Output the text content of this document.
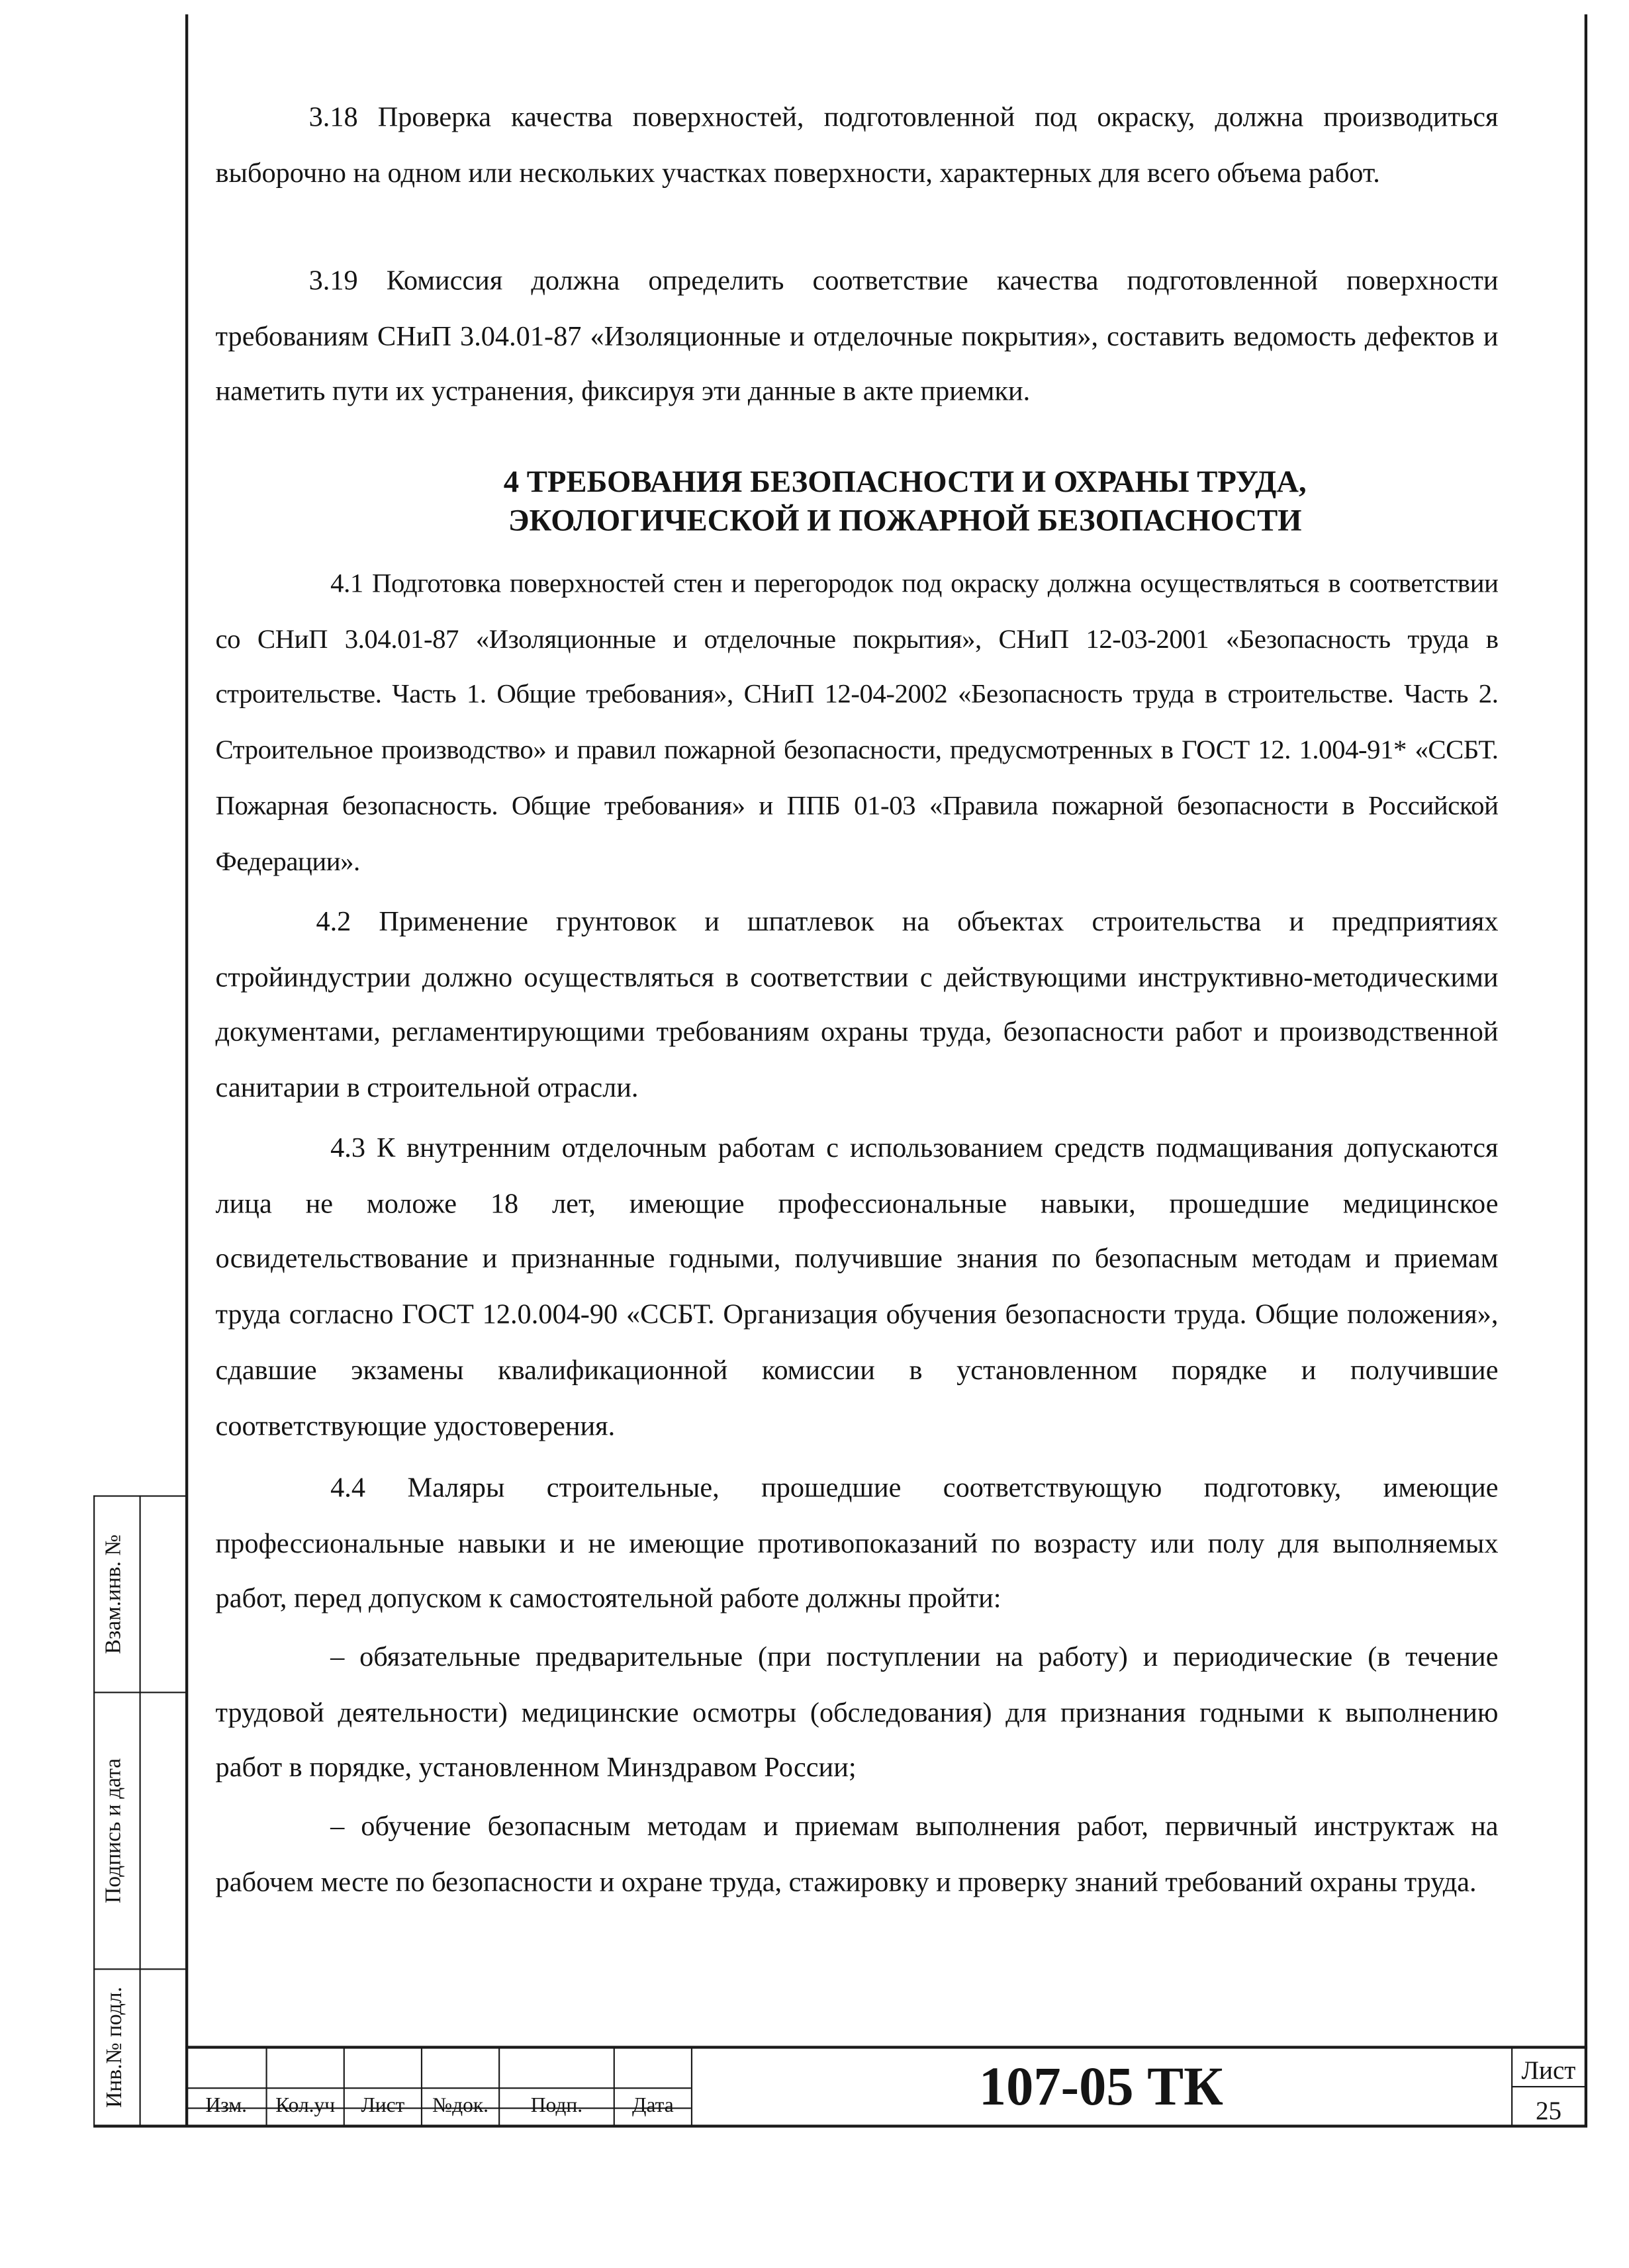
Взам.инв. №
Подпись и дата
Инв.№ подл.

3.18 Проверка качества поверхностей, подготовленной под окраску, должна производиться выборочно на одном или нескольких участках поверхности, характерных для всего объема работ.

3.19 Комиссия должна определить соответствие качества подготовленной поверхности требованиям СНиП 3.04.01-87 «Изоляционные и отделочные покрытия», составить ведомость дефектов и наметить пути их устранения, фиксируя эти данные в акте приемки.

4 ТРЕБОВАНИЯ БЕЗОПАСНОСТИ И ОХРАНЫ ТРУДА,
ЭКОЛОГИЧЕСКОЙ И ПОЖАРНОЙ БЕЗОПАСНОСТИ

4.1 Подготовка поверхностей стен и перегородок под окраску должна осуществляться в соответствии со СНиП 3.04.01-87 «Изоляционные и отделочные покрытия», СНиП 12-03-2001 «Безопасность труда в строительстве. Часть 1. Общие требования», СНиП 12-04-2002 «Безопасность труда в строительстве. Часть 2. Строительное производство» и правил пожарной безопасности, предусмотренных в ГОСТ 12. 1.004-91* «ССБТ. Пожарная безопасность. Общие требования» и ППБ 01-03 «Правила пожарной безопасности в Российской Федерации».

4.2 Применение грунтовок и шпатлевок на объектах строительства и предприятиях стройиндустрии должно осуществляться в соответствии с действующими инструктивно-методическими документами, регламентирующими требованиям охраны труда, безопасности работ и производственной санитарии в строительной отрасли.

4.3 К внутренним отделочным работам с использованием средств подмащивания допускаются лица не моложе 18 лет, имеющие профессиональные навыки, прошедшие медицинское освидетельствование и признанные годными, получившие знания по безопасным методам и приемам труда согласно ГОСТ 12.0.004-90 «ССБТ. Организация обучения безопасности труда. Общие положения», сдавшие экзамены квалификационной комиссии в установленном порядке и получившие соответствующие удостоверения.

4.4 Маляры строительные, прошедшие соответствующую подготовку, имеющие профессиональные навыки и не имеющие противопоказаний по возрасту или полу для выполняемых работ, перед допуском к самостоятельной работе должны пройти:

– обязательные предварительные (при поступлении на работу) и периодические (в течение трудовой деятельности) медицинские осмотры (обследования) для признания годными к выполнению работ в порядке, установленном Минздравом России;

– обучение безопасным методам и приемам выполнения работ, первичный инструктаж на рабочем месте по безопасности и охране труда, стажировку и проверку знаний требований охраны труда.

Изм.	Кол.уч	Лист	№док.	Подп.	Дата	107-05 ТК	Лист
25
